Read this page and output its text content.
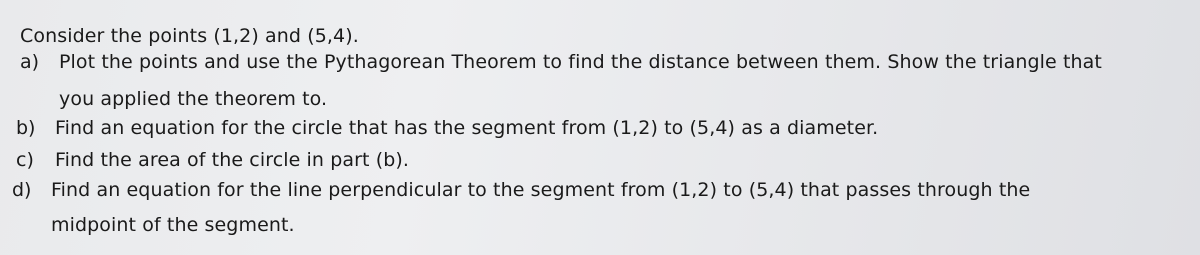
Consider the points (1,2) and (5,4).
a) Plot the points and use the Pythagorean Theorem to find the distance between them. Show the triangle that
you applied the theorem to.
b) Find an equation for the circle that has the segment from (1,2) to (5,4) as a diameter.
c) Find the area of the circle in part (b).
d) Find an equation for the line perpendicular to the segment from (1,2) to (5,4) that passes through the
midpoint of the segment.
